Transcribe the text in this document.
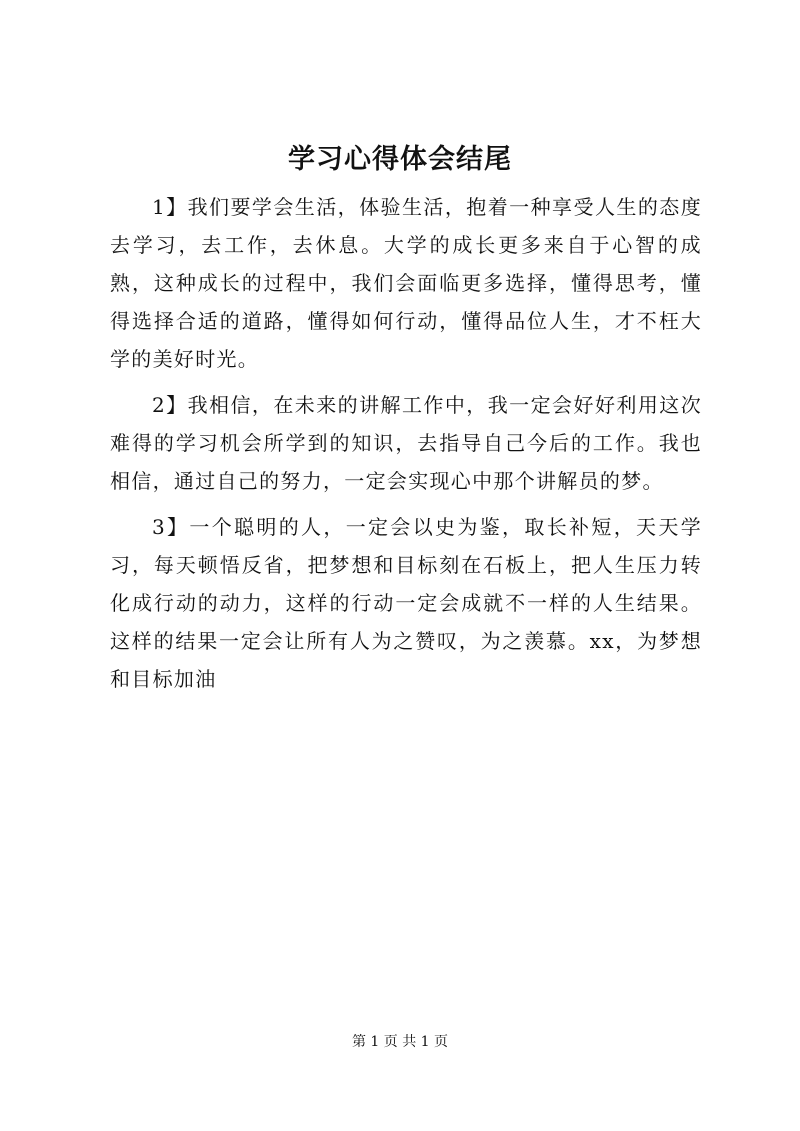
学习心得体会结尾

1】我们要学会生活，体验生活，抱着一种享受人生的态度去学习，去工作，去休息。大学的成长更多来自于心智的成熟，这种成长的过程中，我们会面临更多选择，懂得思考，懂得选择合适的道路，懂得如何行动，懂得品位人生，才不枉大学的美好时光。

2】我相信，在未来的讲解工作中，我一定会好好利用这次难得的学习机会所学到的知识，去指导自己今后的工作。我也相信，通过自己的努力，一定会实现心中那个讲解员的梦。

3】一个聪明的人，一定会以史为鉴，取长补短，天天学习，每天顿悟反省，把梦想和目标刻在石板上，把人生压力转化成行动的动力，这样的行动一定会成就不一样的人生结果。这样的结果一定会让所有人为之赞叹，为之羡慕。xx，为梦想和目标加油

第 1 页 共 1 页
